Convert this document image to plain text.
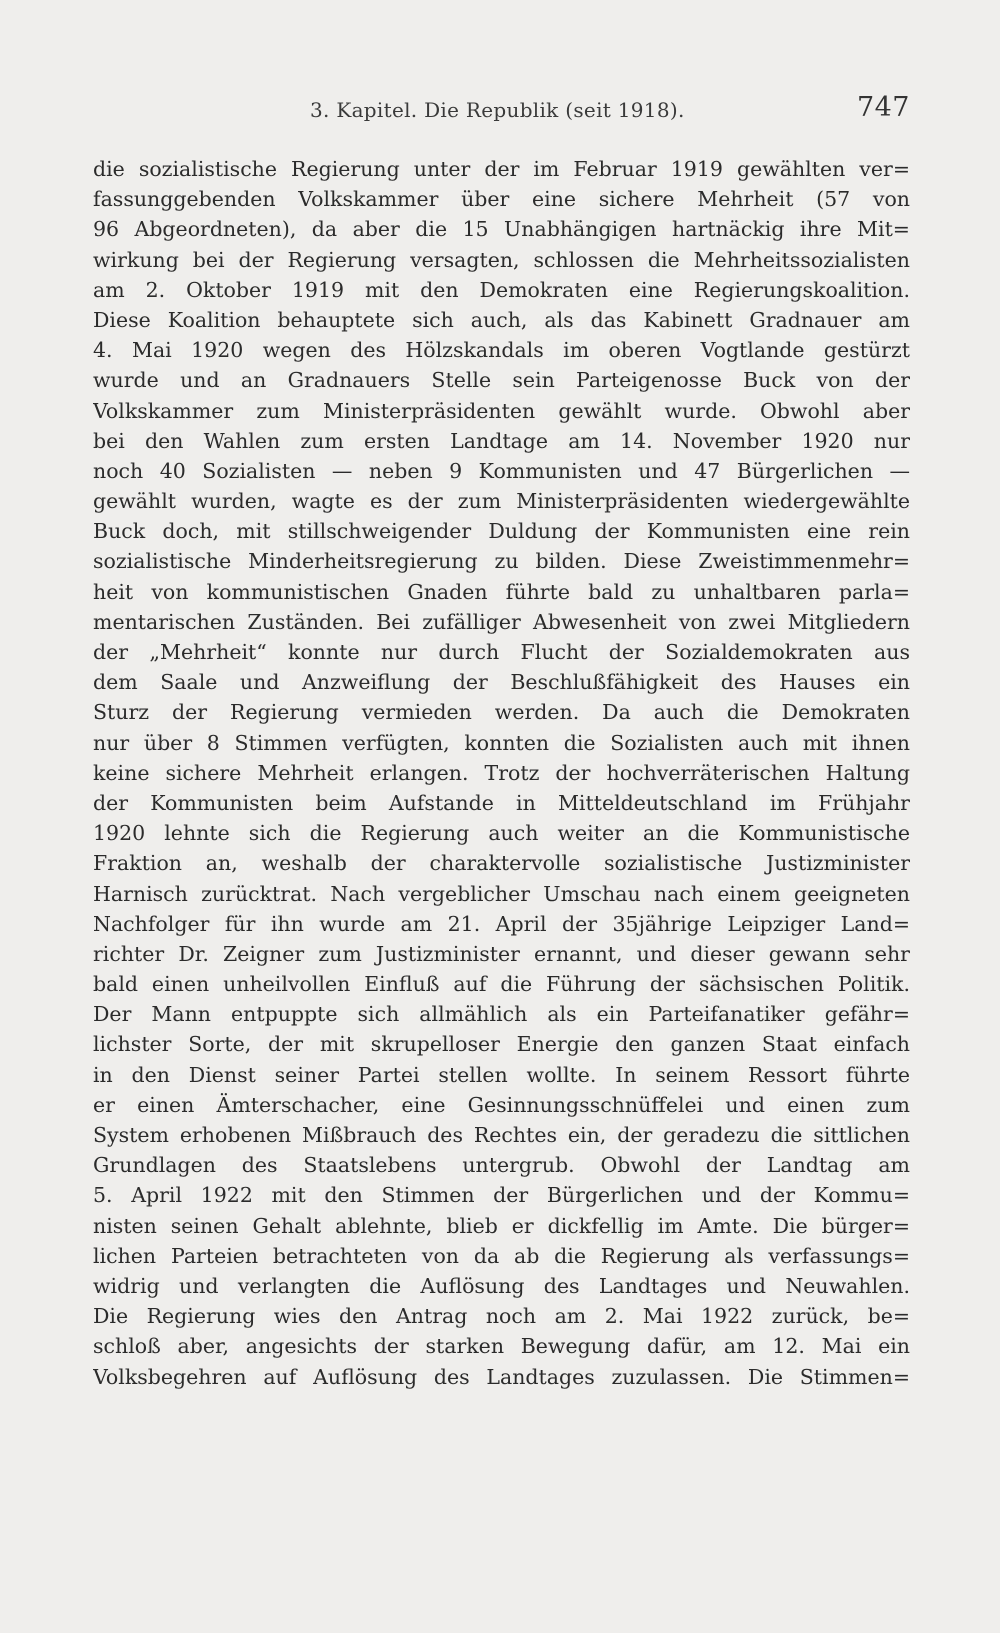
3. Kapitel. Die Republik (seit 1918).	747
die sozialistische Regierung unter der im Februar 1919 gewählten ver=
fassunggebenden Volkskammer über eine sichere Mehrheit (57 von
96 Abgeordneten), da aber die 15 Unabhängigen hartnäckig ihre Mit=
wirkung bei der Regierung versagten, schlossen die Mehrheitssozialisten
am 2. Oktober 1919 mit den Demokraten eine Regierungskoalition.
Diese Koalition behauptete sich auch, als das Kabinett Gradnauer am
4. Mai 1920 wegen des Hölzskandals im oberen Vogtlande gestürzt
wurde und an Gradnauers Stelle sein Parteigenosse Buck von der
Volkskammer zum Ministerpräsidenten gewählt wurde. Obwohl aber
bei den Wahlen zum ersten Landtage am 14. November 1920 nur
noch 40 Sozialisten — neben 9 Kommunisten und 47 Bürgerlichen —
gewählt wurden, wagte es der zum Ministerpräsidenten wiedergewählte
Buck doch, mit stillschweigender Duldung der Kommunisten eine rein
sozialistische Minderheitsregierung zu bilden. Diese Zweistimmenmehr=
heit von kommunistischen Gnaden führte bald zu unhaltbaren parla=
mentarischen Zuständen. Bei zufälliger Abwesenheit von zwei Mitgliedern
der „Mehrheit“ konnte nur durch Flucht der Sozialdemokraten aus
dem Saale und Anzweiflung der Beschlußfähigkeit des Hauses ein
Sturz der Regierung vermieden werden. Da auch die Demokraten
nur über 8 Stimmen verfügten, konnten die Sozialisten auch mit ihnen
keine sichere Mehrheit erlangen. Trotz der hochverräterischen Haltung
der Kommunisten beim Aufstande in Mitteldeutschland im Frühjahr
1920 lehnte sich die Regierung auch weiter an die Kommunistische
Fraktion an, weshalb der charaktervolle sozialistische Justizminister
Harnisch zurücktrat. Nach vergeblicher Umschau nach einem geeigneten
Nachfolger für ihn wurde am 21. April der 35jährige Leipziger Land=
richter Dr. Zeigner zum Justizminister ernannt, und dieser gewann sehr
bald einen unheilvollen Einfluß auf die Führung der sächsischen Politik.
Der Mann entpuppte sich allmählich als ein Parteifanatiker gefähr=
lichster Sorte, der mit skrupelloser Energie den ganzen Staat einfach
in den Dienst seiner Partei stellen wollte. In seinem Ressort führte
er einen Ämterschacher, eine Gesinnungsschnüffelei und einen zum
System erhobenen Mißbrauch des Rechtes ein, der geradezu die sittlichen
Grundlagen des Staatslebens untergrub. Obwohl der Landtag am
5. April 1922 mit den Stimmen der Bürgerlichen und der Kommu=
nisten seinen Gehalt ablehnte, blieb er dickfellig im Amte. Die bürger=
lichen Parteien betrachteten von da ab die Regierung als verfassungs=
widrig und verlangten die Auflösung des Landtages und Neuwahlen.
Die Regierung wies den Antrag noch am 2. Mai 1922 zurück, be=
schloß aber, angesichts der starken Bewegung dafür, am 12. Mai ein
Volksbegehren auf Auflösung des Landtages zuzulassen. Die Stimmen=
